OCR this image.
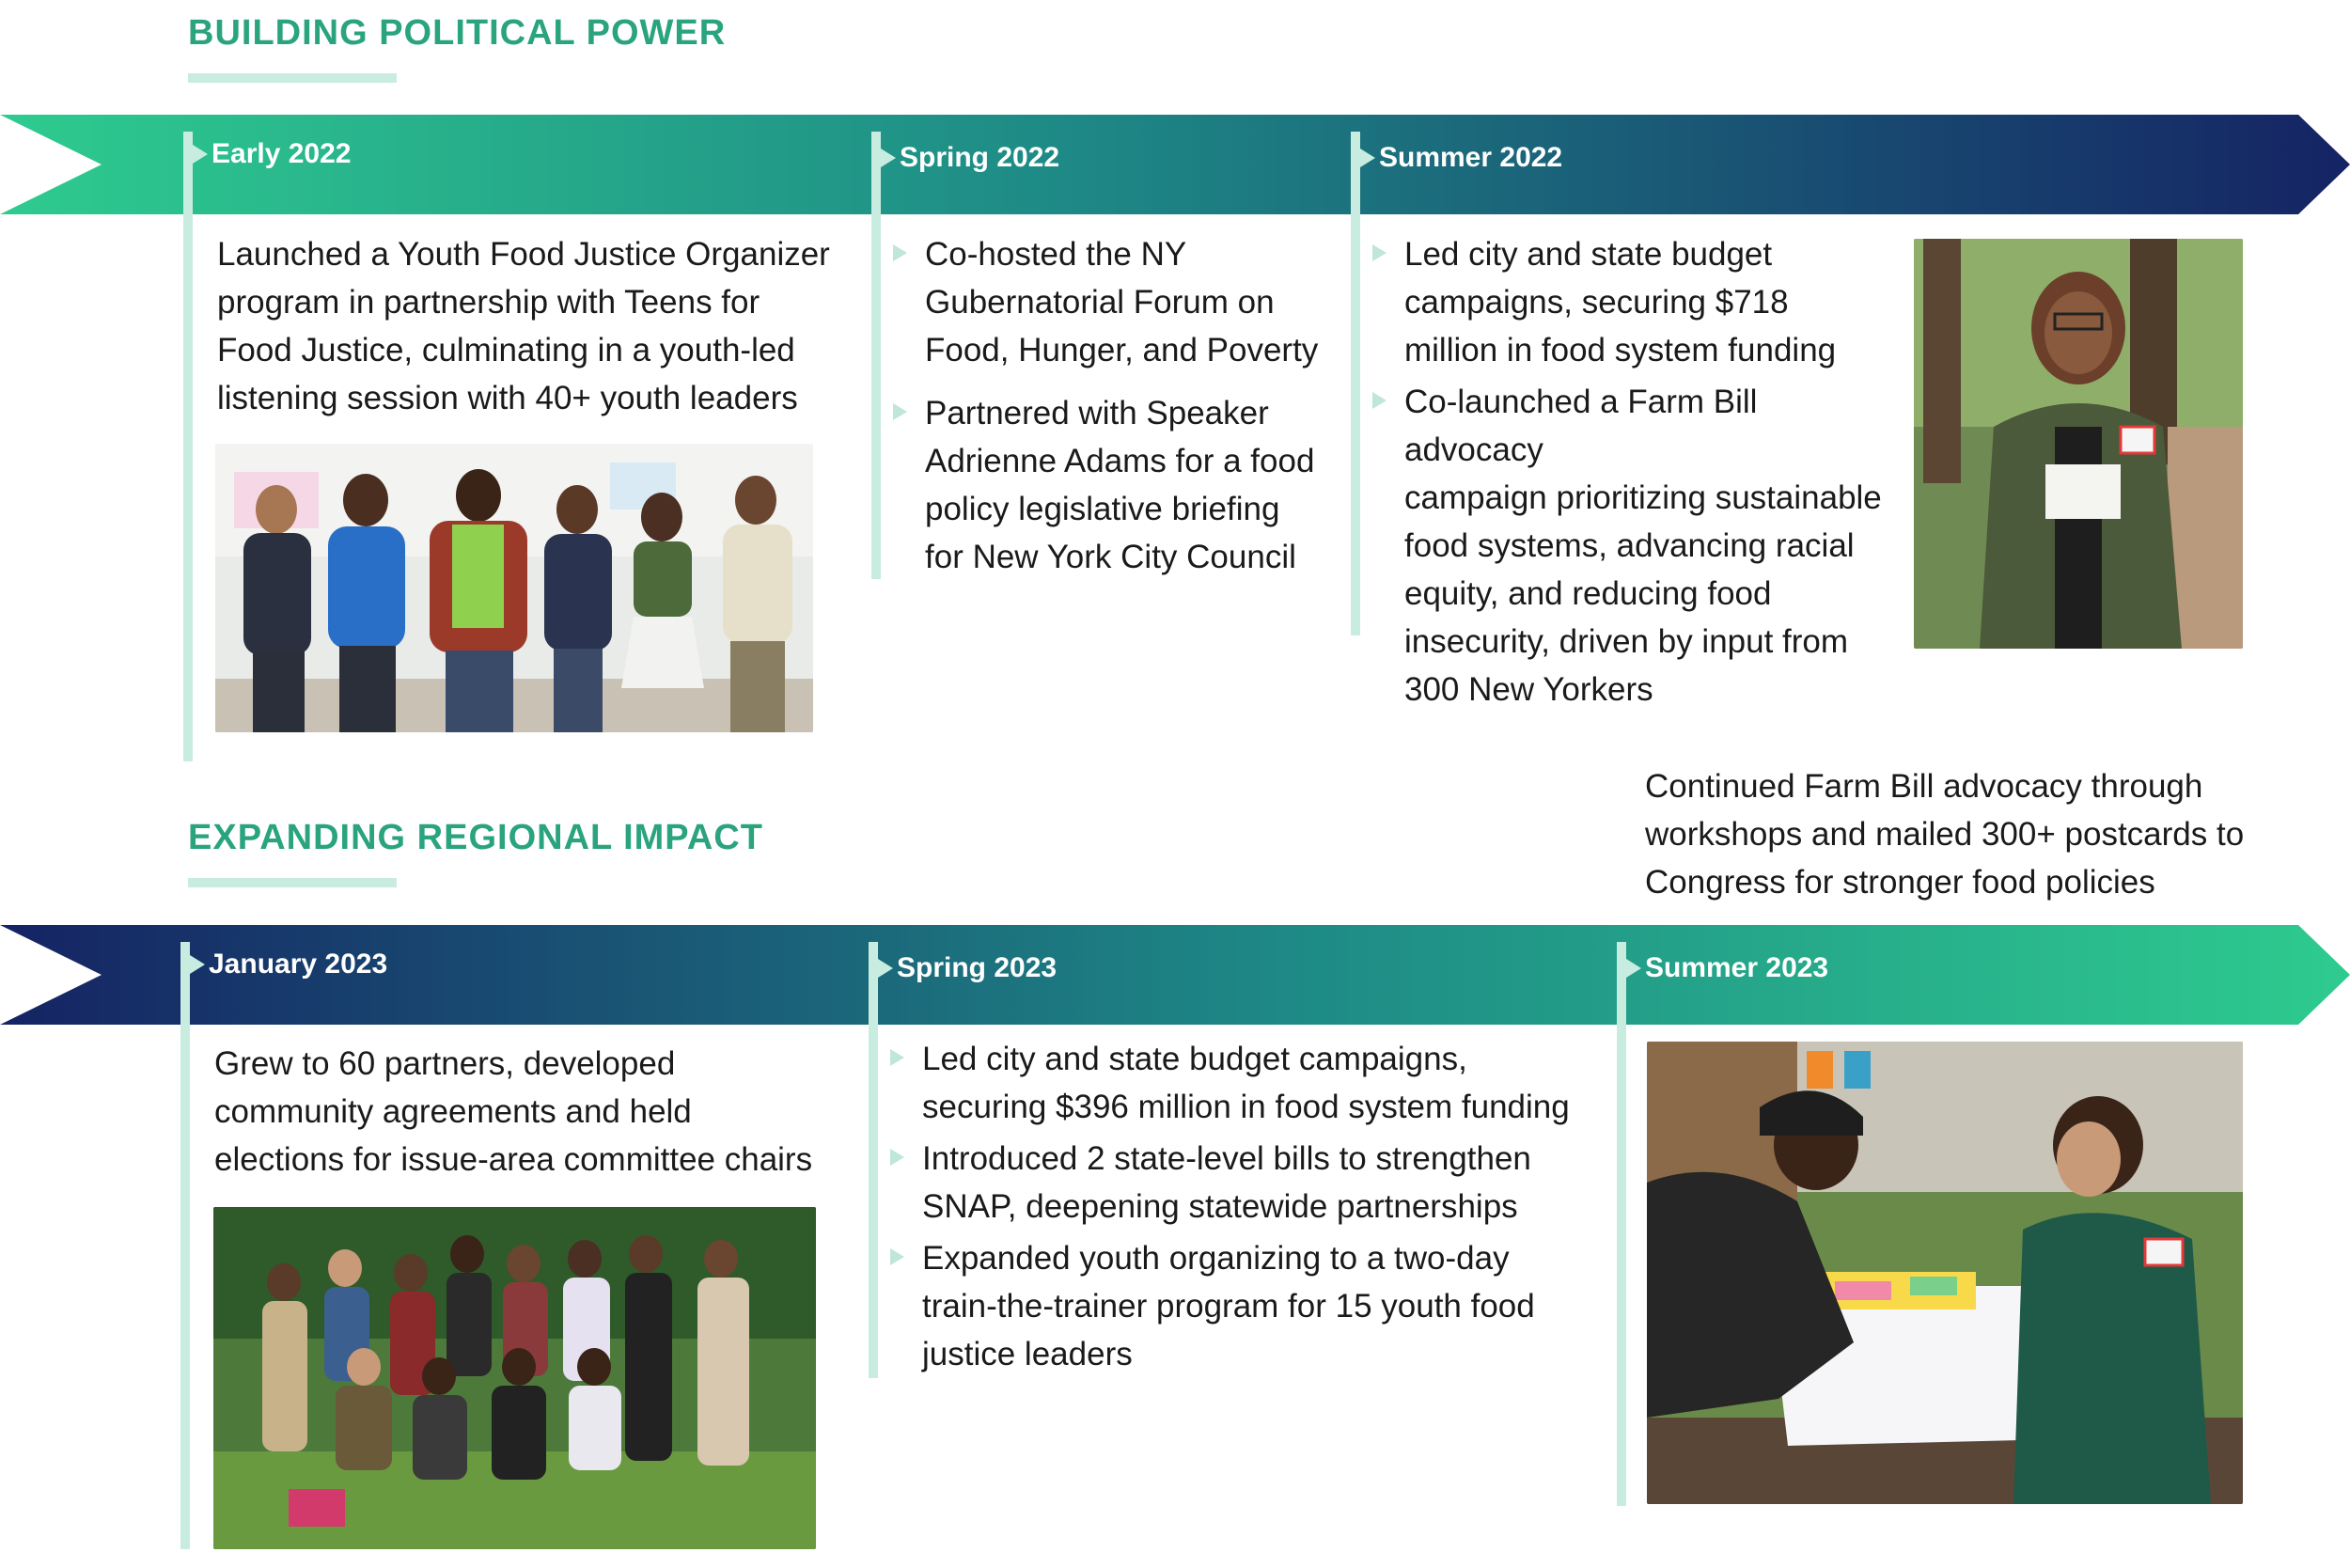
BUILDING POLITICAL POWER
Early 2022	Spring 2022	Summer 2022

Launched a Youth Food Justice Organizer
program in partnership with Teens for
Food Justice, culminating in a youth-led
listening session with 40+ youth leaders

Co-hosted the NY
Gubernatorial Forum on
Food, Hunger, and Poverty
Partnered with Speaker
Adrienne Adams for a food
policy legislative briefing
for New York City Council
Led city and state budget
campaigns, securing $718
million in food system funding
Co-launched a Farm Bill advocacy
campaign prioritizing sustainable
food systems, advancing racial
equity, and reducing food
insecurity, driven by input from
300 New Yorkers
EXPANDING REGIONAL IMPACT

Continued Farm Bill advocacy through
workshops and mailed 300+ postcards to
Congress for stronger food policies

January 2023	Spring 2023	Summer 2023

Grew to 60 partners, developed
community agreements and held
elections for issue-area committee chairs

Led city and state budget campaigns,
securing $396 million in food system funding
Introduced 2 state-level bills to strengthen
SNAP, deepening statewide partnerships
Expanded youth organizing to a two-day
train-the-trainer program for 15 youth food
justice leaders
